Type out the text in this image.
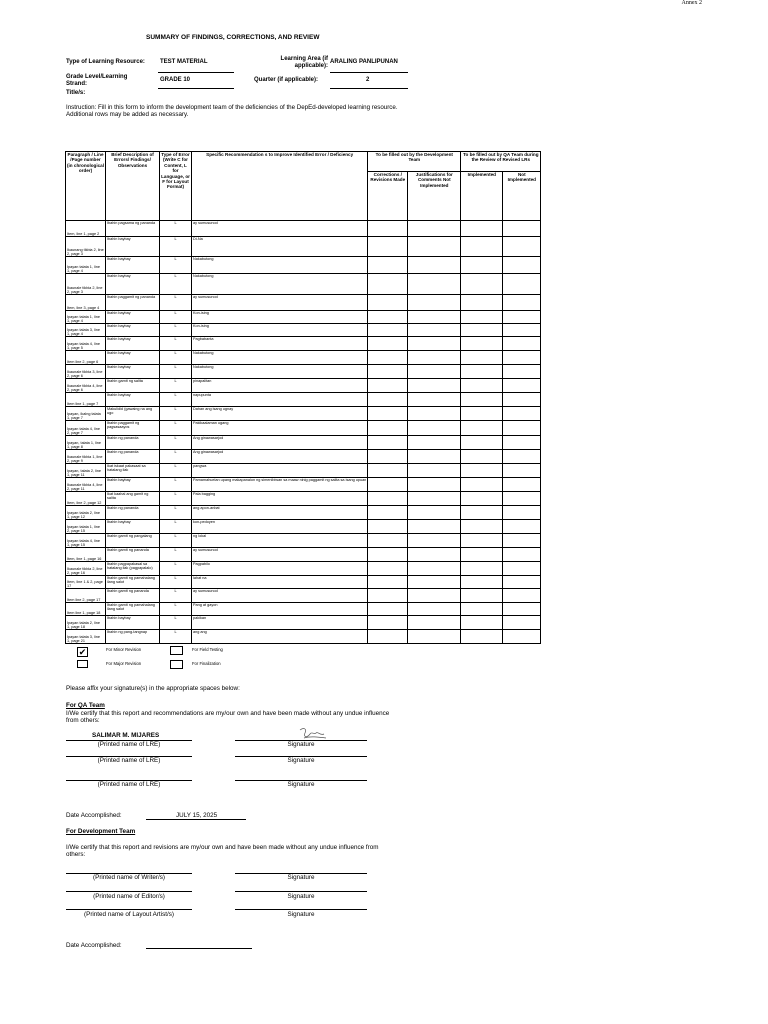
Annex 2
SUMMARY OF FINDINGS, CORRECTIONS, AND REVIEW
Type of Learning Resource:	TEST MATERIAL	Learning Area (if applicable):
ARALING PANLIPUNAN
Grade Level/Learning Strand:
GRADE 10	Quarter (if applicable):	2
Title/s:
Instruction: Fill in this form to inform the development team of the deficiencies of the DepEd-developed learning resource. Additional rows may be added as necessary.
Paragraph / Line /Page number (in chronological order)	Brief Description of Errors/ Findings/ Observations	Type of Error (Write C for Content, L for Language, or F for Layout Format)	Specific Recommendation s to Improve Identified Error / Deficiency	To be filled out by the Development Team		To be filled out by QA Team during the Review of Revised LRs	
				Corrections / Revisions Made	Justifications for Comments Not Implemented	Implemented	Not Implemented
Item, line 1, page 2	Ibahin pagsama ng pananda	L	ay sumusunod				
Ikaunang tikbia 2, line 2, page 3	Ibahin baybay	L	Di-Na				
Ipayan talata 1, line 1, page 4	Ibahin baybay	L	Nakabutong				
Ikaunale tikbia 2, line 2, page 3	Ibahin baybay	L	Nakabutong				
Item, line 3, page 4	Ibahin paggamit ng pananda	L	ay sumusunod				
Ipayan talata 1, line 1, page 4	Ibahin baybay	L	Kon-ising				
Ipayan talata 3, line 1, page 4	Ibahin baybay	L	Kon-ising				
Ipayan talata 4, line 1, page 5	Ibahin baybay	L	Pagbabanta				
Item line 2, page 6	Ibahin baybay	L	Nakabutong				
Ikaunale tikbia 3, line 2, page 6	Ibahin baybay	L	Nakabutong				
Ikaunale tikbia 4, line 2, page 6	Ibahin gamit ng salita	L	pinapalitan				
Item line 1, page 7	Ibahin baybay	L	napupunta				
Ipayan, ikalng talata 1, page 7	Makulidid (gawaing na ang ugo	L	Dahan ang isang ugnay				
Ipayan talata 4, line 2, page 7	Ibahin paggamit ng pagsasaayos	L	Pakikaalaman ugang				
Ipayan, talata 1, line 1, page 8	Ibahin ng pananda	L	Ang ginawasarjod				
Ikaunale tikbia 1, line 2, page 9	Ibahin ng pananda	L	Ang ginawasarjod				
Ipayan, talata 2, line 1, page 11	Ikat iskaat pakasaat sa hatalang ilak	L	pangwa				
Ikaunale tikbia 4, line 2, page 11	Ibahin baybay	L	Pamamahuelan upang makapanalon ng simenibiwan sa maaw ninig paggamit ng salita sa isang upuan				
Item, line 2, page 12	Ikat kaahal ang gamit ng salita	L	Pala bagging				
Ipayan talata 2, line 1, page 12	Ibahin ng pananda	L	ang apon-anbat				
Ipayan talata 1, line 2, page 15	Ibahin baybay	L	kon-pedoyen				
Ipayan talata 4, line 1, page 15	Ibahin gamit ng pangalang	L	ng lokal				
Item, line 1, page 16	Ibahin gamit ng pananda	L	ay sumusunod				
Ikaunale tikbia 2, line 2, page 16	Ibahin pagpapakasal sa hatalang ilak (pagpapalalo)	L	Pagpabilo				
Item, line 1 & 2, page 17	Ibahin gamit ng pamahalang ilang salot	L	lahat na				
Item line 2, page 17	Ibahin gamit ng pananda	L	ay sumusunod				
Item line 1, page 18	Ibahin gamit ng pamahalang ilang salot	L	Pang at gayon				
Ipayan talata 2, line 1, page 18	Ibahin baybay	L	pakikan				
Ipayan talata 3, line 1, page 21	Ibahin ng pang-tangnap	L	ang ang				
✔	For Minor Revision
For Major Revision
For Field Testing
For Finalization
Please affix your signature(s) in the appropriate spaces below:
For QA Team
I/We certify that this report and recommendations are my/our own and have been made without any undue influence from others:
SALIMAR M. MIJARES
(Printed name of LRE)	Signature
(Printed name of LRE)	Signature
(Printed name of LRE)	Signature
Date Accomplished:	JULY 15, 2025
For Development Team
I/We certify that this report and revisions are my/our own and have been made without any undue influence from others:
(Printed name of Writer/s)	Signature
(Printed name of Editor/s)	Signature
(Printed name of Layout Artist/s)	Signature
Date Accomplished:
